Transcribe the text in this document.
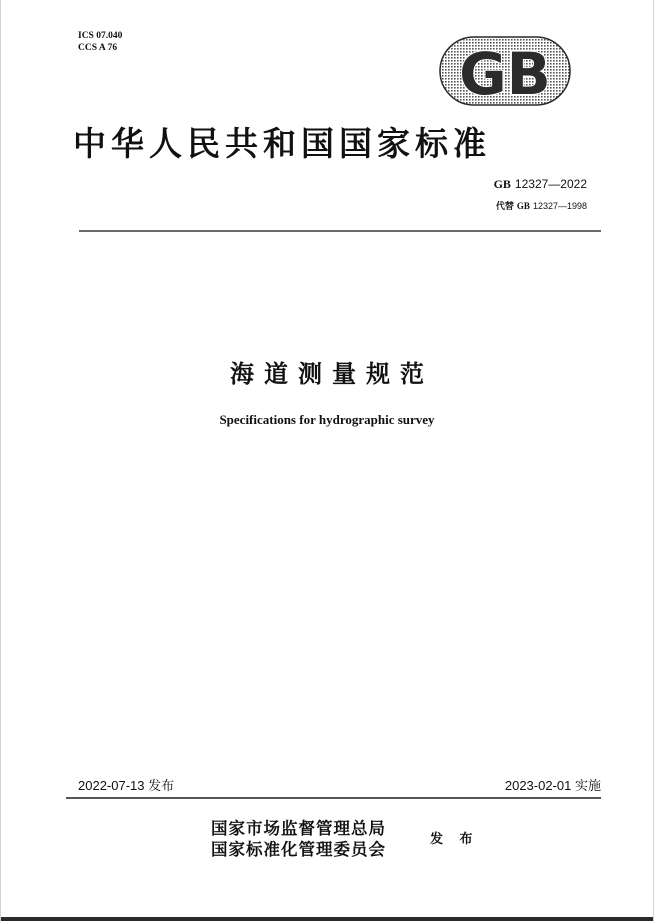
ICS 07.040
CCS A 76	GB
中华人民共和国国家标准
GB 12327—2022
代替 GB 12327—1998
海道测量规范
Specifications for hydrographic survey
2022-07-13 发布	2023-02-01 实施
国家市场监督管理总局
国家标准化管理委员会
发 布
